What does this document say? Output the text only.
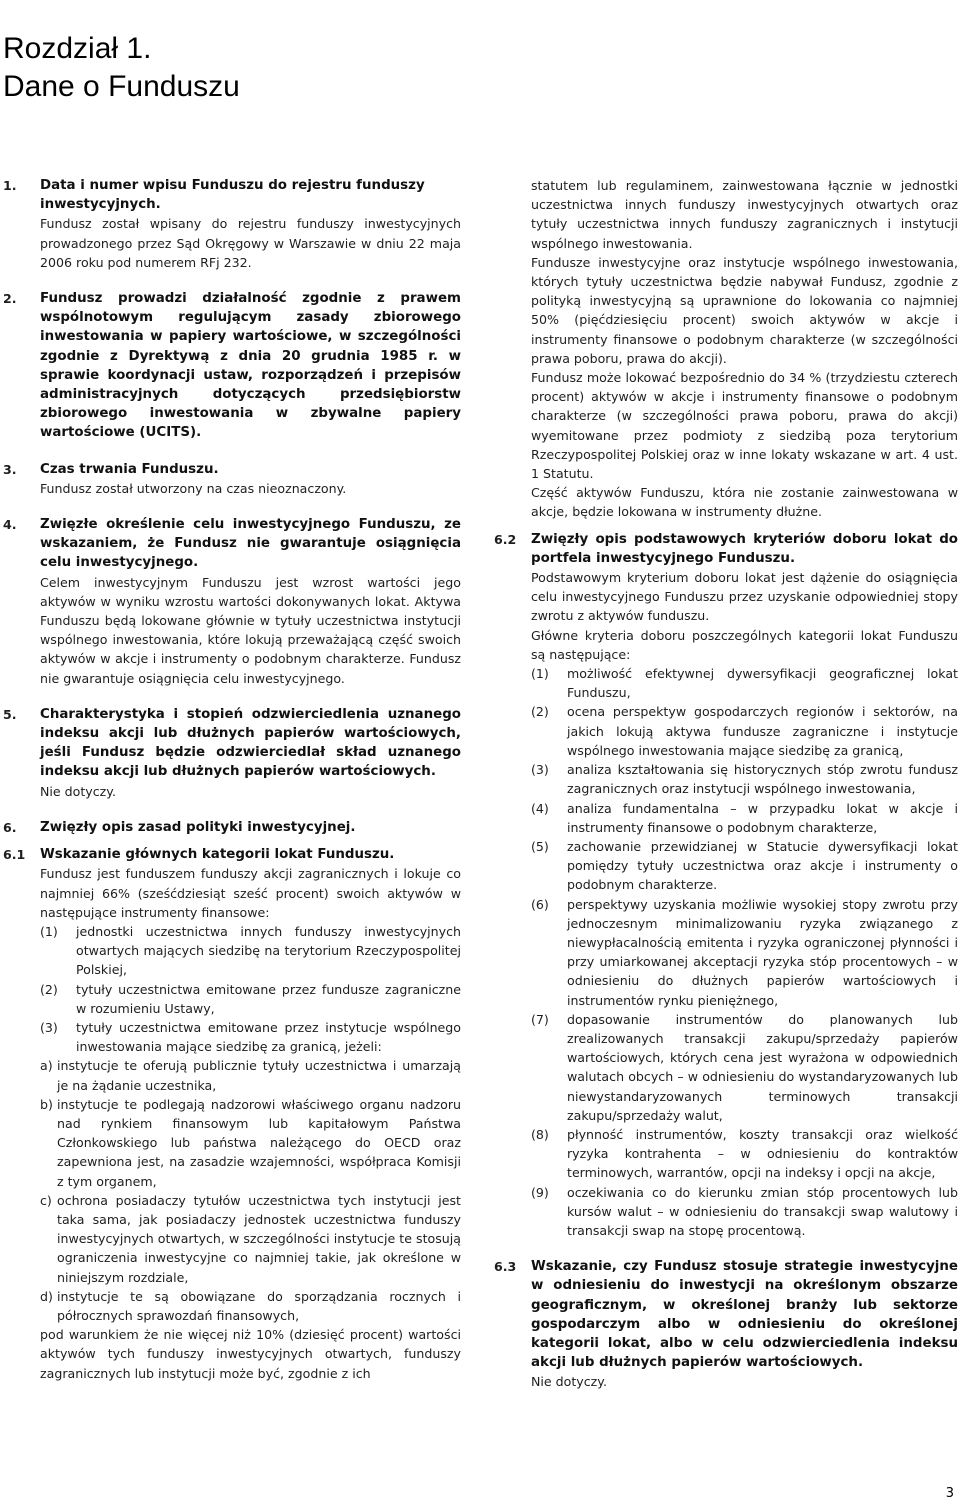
Rozdział 1.
Dane o Funduszu
1. Data i numer wpisu Funduszu do rejestru funduszy inwestycyjnych.
Fundusz został wpisany do rejestru funduszy inwestycyjnych prowadzonego przez Sąd Okręgowy w Warszawie w dniu 22 maja 2006 roku pod numerem RFj 232.
2. Fundusz prowadzi działalność zgodnie z prawem wspólnotowym regulującym zasady zbiorowego inwestowania w papiery wartościowe, w szczególności zgodnie z Dyrektywą z dnia 20 grudnia 1985 r. w sprawie koordynacji ustaw, rozporządzeń i przepisów administracyjnych dotyczących przedsiębiorstw zbiorowego inwestowania w zbywalne papiery wartościowe (UCITS).
3. Czas trwania Funduszu.
Fundusz został utworzony na czas nieoznaczony.
4. Zwięzłe określenie celu inwestycyjnego Funduszu, ze wskazaniem, że Fundusz nie gwarantuje osiągnięcia celu inwestycyjnego.
Celem inwestycyjnym Funduszu jest wzrost wartości jego aktywów w wyniku wzrostu wartości dokonywanych lokat. Aktywa Funduszu będą lokowane głównie w tytuły uczestnictwa instytucji wspólnego inwestowania, które lokują przeważającą część swoich aktywów w akcje i instrumenty o podobnym charakterze. Fundusz nie gwarantuje osiągnięcia celu inwestycyjnego.
5. Charakterystyka i stopień odzwierciedlenia uznanego indeksu akcji lub dłużnych papierów wartościowych, jeśli Fundusz będzie odzwierciedlał skład uznanego indeksu akcji lub dłużnych papierów wartościowych.
Nie dotyczy.
6. Zwięzły opis zasad polityki inwestycyjnej.
6.1 Wskazanie głównych kategorii lokat Funduszu.
Fundusz jest funduszem funduszy akcji zagranicznych i lokuje co najmniej 66% (sześćdziesiąt sześć procent) swoich aktywów w następujące instrumenty finansowe:
(1) jednostki uczestnictwa innych funduszy inwestycyjnych otwartych mających siedzibę na terytorium Rzeczypospolitej Polskiej,
(2) tytuły uczestnictwa emitowane przez fundusze zagraniczne w rozumieniu Ustawy,
(3) tytuły uczestnictwa emitowane przez instytucje wspólnego inwestowania mające siedzibę za granicą, jeżeli:
a) instytucje te oferują publicznie tytuły uczestnictwa i umarzają je na żądanie uczestnika,
b) instytucje te podlegają nadzorowi właściwego organu nadzoru nad rynkiem finansowym lub kapitałowym Państwa Członkowskiego lub państwa należącego do OECD oraz zapewniona jest, na zasadzie wzajemności, współpraca Komisji z tym organem,
c) ochrona posiadaczy tytułów uczestnictwa tych instytucji jest taka sama, jak posiadaczy jednostek uczestnictwa funduszy inwestycyjnych otwartych, w szczególności instytucje te stosują ograniczenia inwestycyjne co najmniej takie, jak określone w niniejszym rozdziale,
d) instytucje te są obowiązane do sporządzania rocznych i półrocznych sprawozdań finansowych,
pod warunkiem że nie więcej niż 10% (dziesięć procent) wartości aktywów tych funduszy inwestycyjnych otwartych, funduszy zagranicznych lub instytucji może być, zgodnie z ich
statutem lub regulaminem, zainwestowana łącznie w jednostki uczestnictwa innych funduszy inwestycyjnych otwartych oraz tytuły uczestnictwa innych funduszy zagranicznych i instytucji wspólnego inwestowania.
Fundusze inwestycyjne oraz instytucje wspólnego inwestowania, których tytuły uczestnictwa będzie nabywał Fundusz, zgodnie z polityką inwestycyjną są uprawnione do lokowania co najmniej 50% (pięćdziesięciu procent) swoich aktywów w akcje i instrumenty finansowe o podobnym charakterze (w szczególności prawa poboru, prawa do akcji).
Fundusz może lokować bezpośrednio do 34 % (trzydziestu czterech procent) aktywów w akcje i instrumenty finansowe o podobnym charakterze (w szczególności prawa poboru, prawa do akcji) wyemitowane przez podmioty z siedzibą poza terytorium Rzeczypospolitej Polskiej oraz w inne lokaty wskazane w art. 4 ust. 1 Statutu.
Część aktywów Funduszu, która nie zostanie zainwestowana w akcje, będzie lokowana w instrumenty dłużne.
6.2 Zwięzły opis podstawowych kryteriów doboru lokat do portfela inwestycyjnego Funduszu.
Podstawowym kryterium doboru lokat jest dążenie do osiągnięcia celu inwestycyjnego Funduszu przez uzyskanie odpowiedniej stopy zwrotu z aktywów funduszu.
Główne kryteria doboru poszczególnych kategorii lokat Funduszu są następujące:
(1) możliwość efektywnej dywersyfikacji geograficznej lokat Funduszu,
(2) ocena perspektyw gospodarczych regionów i sektorów, na jakich lokują aktywa fundusze zagraniczne i instytucje wspólnego inwestowania mające siedzibę za granicą,
(3) analiza kształtowania się historycznych stóp zwrotu fundusz zagranicznych oraz instytucji wspólnego inwestowania,
(4) analiza fundamentalna – w przypadku lokat w akcje i instrumenty finansowe o podobnym charakterze,
(5) zachowanie przewidzianej w Statucie dywersyfikacji lokat pomiędzy tytuły uczestnictwa oraz akcje i instrumenty o podobnym charakterze.
(6) perspektywy uzyskania możliwie wysokiej stopy zwrotu przy jednoczesnym minimalizowaniu ryzyka związanego z niewypłacalnością emitenta i ryzyka ograniczonej płynności i przy umiarkowanej akceptacji ryzyka stóp procentowych – w odniesieniu do dłużnych papierów wartościowych i instrumentów rynku pieniężnego,
(7) dopasowanie instrumentów do planowanych lub zrealizowanych transakcji zakupu/sprzedaży papierów wartościowych, których cena jest wyrażona w odpowiednich walutach obcych – w odniesieniu do wystandaryzowanych lub niewystandaryzowanych terminowych transakcji zakupu/sprzedaży walut,
(8) płynność instrumentów, koszty transakcji oraz wielkość ryzyka kontrahenta – w odniesieniu do kontraktów terminowych, warrantów, opcji na indeksy i opcji na akcje,
(9) oczekiwania co do kierunku zmian stóp procentowych lub kursów walut – w odniesieniu do transakcji swap walutowy i transakcji swap na stopę procentową.
6.3 Wskazanie, czy Fundusz stosuje strategie inwestycyjne w odniesieniu do inwestycji na określonym obszarze geograficznym, w określonej branży lub sektorze gospodarczym albo w odniesieniu do określonej kategorii lokat, albo w celu odzwierciedlenia indeksu akcji lub dłużnych papierów wartościowych.
Nie dotyczy.
3
